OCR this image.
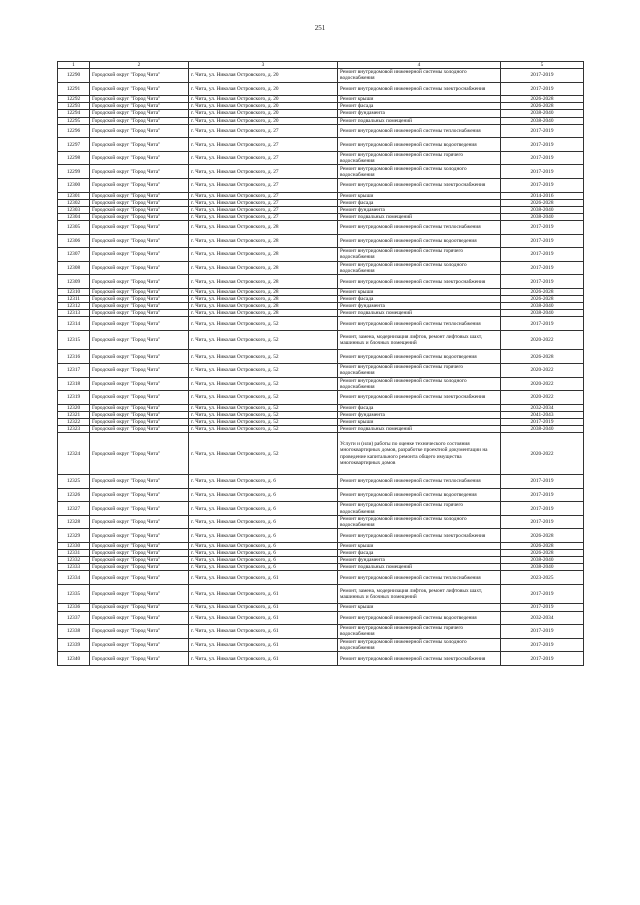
251
1	2	3	4	5
12290	Городской округ "Город Чита"	г. Чита, ул. Николая Островского, д. 20	Ремонт внутридомовой инженерной системы холодного водоснабжения	2017-2019
12291	Городской округ "Город Чита"	г. Чита, ул. Николая Островского, д. 20	Ремонт внутридомовой инженерной системы электроснабжения	2017-2019
12292	Городской округ "Город Чита"	г. Чита, ул. Николая Островского, д. 20	Ремонт крыши	2026-2028
12293	Городской округ "Город Чита"	г. Чита, ул. Николая Островского, д. 20	Ремонт фасада	2026-2028
12294	Городской округ "Город Чита"	г. Чита, ул. Николая Островского, д. 20	Ремонт фундамента	2038-2040
12295	Городской округ "Город Чита"	г. Чита, ул. Николая Островского, д. 20	Ремонт подвальных помещений	2038-2040
12296	Городской округ "Город Чита"	г. Чита, ул. Николая Островского, д. 27	Ремонт внутридомовой инженерной системы теплоснабжения	2017-2019
12297	Городской округ "Город Чита"	г. Чита, ул. Николая Островского, д. 27	Ремонт внутридомовой инженерной системы водоотведения	2017-2019
12298	Городской округ "Город Чита"	г. Чита, ул. Николая Островского, д. 27	Ремонт внутридомовой инженерной системы горячего водоснабжения	2017-2019
12299	Городской округ "Город Чита"	г. Чита, ул. Николая Островского, д. 27	Ремонт внутридомовой инженерной системы холодного водоснабжения	2017-2019
12300	Городской округ "Город Чита"	г. Чита, ул. Николая Островского, д. 27	Ремонт внутридомовой инженерной системы электроснабжения	2017-2019
12301	Городской округ "Город Чита"	г. Чита, ул. Николая Островского, д. 27	Ремонт крыши	2014-2016
12302	Городской округ "Город Чита"	г. Чита, ул. Николая Островского, д. 27	Ремонт фасада	2026-2028
12303	Городской округ "Город Чита"	г. Чита, ул. Николая Островского, д. 27	Ремонт фундамента	2038-2040
12304	Городской округ "Город Чита"	г. Чита, ул. Николая Островского, д. 27	Ремонт подвальных помещений	2038-2040
12305	Городской округ "Город Чита"	г. Чита, ул. Николая Островского, д. 28	Ремонт внутридомовой инженерной системы теплоснабжения	2017-2019
12306	Городской округ "Город Чита"	г. Чита, ул. Николая Островского, д. 28	Ремонт внутридомовой инженерной системы водоотведения	2017-2019
12307	Городской округ "Город Чита"	г. Чита, ул. Николая Островского, д. 28	Ремонт внутридомовой инженерной системы горячего водоснабжения	2017-2019
12308	Городской округ "Город Чита"	г. Чита, ул. Николая Островского, д. 28	Ремонт внутридомовой инженерной системы холодного водоснабжения	2017-2019
12309	Городской округ "Город Чита"	г. Чита, ул. Николая Островского, д. 28	Ремонт внутридомовой инженерной системы электроснабжения	2017-2019
12310	Городской округ "Город Чита"	г. Чита, ул. Николая Островского, д. 28	Ремонт крыши	2026-2028
12311	Городской округ "Город Чита"	г. Чита, ул. Николая Островского, д. 28	Ремонт фасада	2026-2028
12312	Городской округ "Город Чита"	г. Чита, ул. Николая Островского, д. 28	Ремонт фундамента	2038-2040
12313	Городской округ "Город Чита"	г. Чита, ул. Николая Островского, д. 28	Ремонт подвальных помещений	2038-2040
12314	Городской округ "Город Чита"	г. Чита, ул. Николая Островского, д. 52	Ремонт внутридомовой инженерной системы теплоснабжения	2017-2019
12315	Городской округ "Город Чита"	г. Чита, ул. Николая Островского, д. 52	Ремонт, замена, модернизация лифтов, ремонт лифтовых шахт, машинных и блочных помещений	2020-2022
12316	Городской округ "Город Чита"	г. Чита, ул. Николая Островского, д. 52	Ремонт внутридомовой инженерной системы водоотведения	2026-2028
12317	Городской округ "Город Чита"	г. Чита, ул. Николая Островского, д. 52	Ремонт внутридомовой инженерной системы горячего водоснабжения	2020-2022
12318	Городской округ "Город Чита"	г. Чита, ул. Николая Островского, д. 52	Ремонт внутридомовой инженерной системы холодного водоснабжения	2020-2022
12319	Городской округ "Город Чита"	г. Чита, ул. Николая Островского, д. 52	Ремонт внутридомовой инженерной системы электроснабжения	2020-2022
12320	Городской округ "Город Чита"	г. Чита, ул. Николая Островского, д. 52	Ремонт фасада	2032-2034
12321	Городской округ "Город Чита"	г. Чита, ул. Николая Островского, д. 52	Ремонт фундамента	2041-2043
12322	Городской округ "Город Чита"	г. Чита, ул. Николая Островского, д. 52	Ремонт крыши	2017-2019
12323	Городской округ "Город Чита"	г. Чита, ул. Николая Островского, д. 52	Ремонт подвальных помещений	2038-2040
12324	Городской округ "Город Чита"	г. Чита, ул. Николая Островского, д. 52	Услуги и (или) работы по оценке технического состояния многоквартирных домов, разработке проектной документации на проведение капитального ремонта общего имущества многоквартирных домов	2020-2022
12325	Городской округ "Город Чита"	г. Чита, ул. Николая Островского, д. 6	Ремонт внутридомовой инженерной системы теплоснабжения	2017-2019
12326	Городской округ "Город Чита"	г. Чита, ул. Николая Островского, д. 6	Ремонт внутридомовой инженерной системы водоотведения	2017-2019
12327	Городской округ "Город Чита"	г. Чита, ул. Николая Островского, д. 6	Ремонт внутридомовой инженерной системы горячего водоснабжения	2017-2019
12328	Городской округ "Город Чита"	г. Чита, ул. Николая Островского, д. 6	Ремонт внутридомовой инженерной системы холодного водоснабжения	2017-2019
12329	Городской округ "Город Чита"	г. Чита, ул. Николая Островского, д. 6	Ремонт внутридомовой инженерной системы электроснабжения	2026-2028
12330	Городской округ "Город Чита"	г. Чита, ул. Николая Островского, д. 6	Ремонт крыши	2026-2028
12331	Городской округ "Город Чита"	г. Чита, ул. Николая Островского, д. 6	Ремонт фасада	2026-2028
12332	Городской округ "Город Чита"	г. Чита, ул. Николая Островского, д. 6	Ремонт фундамента	2038-2040
12333	Городской округ "Город Чита"	г. Чита, ул. Николая Островского, д. 6	Ремонт подвальных помещений	2038-2040
12334	Городской округ "Город Чита"	г. Чита, ул. Николая Островского, д. 61	Ремонт внутридомовой инженерной системы теплоснабжения	2023-2025
12335	Городской округ "Город Чита"	г. Чита, ул. Николая Островского, д. 61	Ремонт, замена, модернизация лифтов, ремонт лифтовых шахт, машинных и блочных помещений	2017-2019
12336	Городской округ "Город Чита"	г. Чита, ул. Николая Островского, д. 61	Ремонт крыши	2017-2019
12337	Городской округ "Город Чита"	г. Чита, ул. Николая Островского, д. 61	Ремонт внутридомовой инженерной системы водоотведения	2032-2034
12338	Городской округ "Город Чита"	г. Чита, ул. Николая Островского, д. 61	Ремонт внутридомовой инженерной системы горячего водоснабжения	2017-2019
12339	Городской округ "Город Чита"	г. Чита, ул. Николая Островского, д. 61	Ремонт внутридомовой инженерной системы холодного водоснабжения	2017-2019
12340	Городской округ "Город Чита"	г. Чита, ул. Николая Островского, д. 61	Ремонт внутридомовой инженерной системы электроснабжения	2017-2019
